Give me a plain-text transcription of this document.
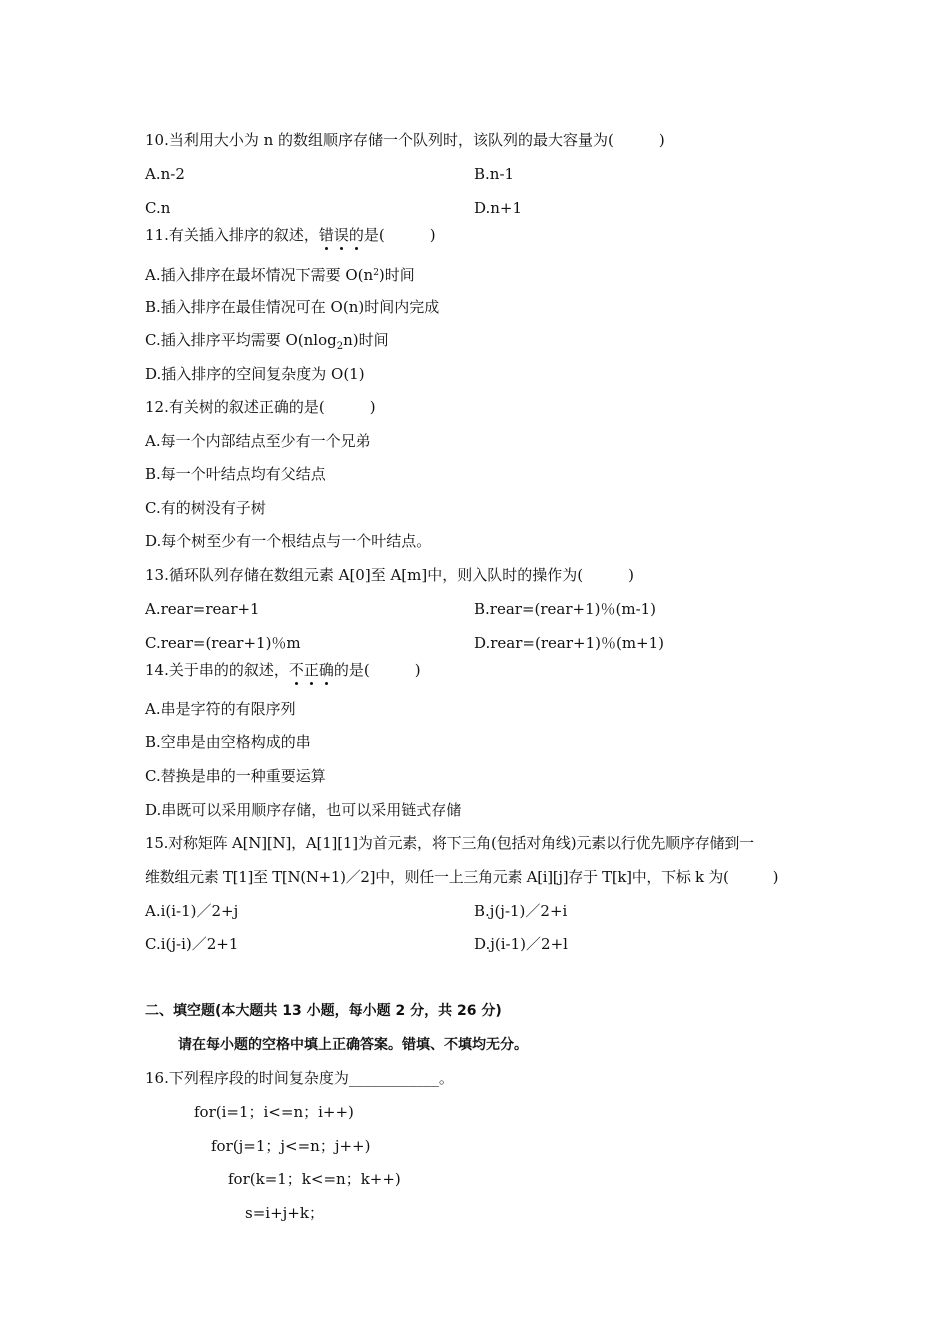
10.当利用大小为 n 的数组顺序存储一个队列时，该队列的最大容量为(　　　)
A.n-2	B.n-1
C.n	D.n+1
11.有关插入排序的叙述，错误的是(　　　)
A.插入排序在最坏情况下需要 $O(n^2)$时间
B.插入排序在最佳情况可在 O(n)时间内完成
C.插入排序平均需要 O(nlog$_2$n)时间
D.插入排序的空间复杂度为 O(1)
12.有关树的叙述正确的是(　　　)
A.每一个内部结点至少有一个兄弟
B.每一个叶结点均有父结点
C.有的树没有子树
D.每个树至少有一个根结点与一个叶结点。
13.循环队列存储在数组元素 A[0]至 A[m]中，则入队时的操作为(　　　)
A.rear=rear+1	B.rear=(rear+1)％(m-1)
C.rear=(rear+1)％m	D.rear=(rear+1)％(m+1)
14.关于串的的叙述，不正确的是(　　　)
A.串是字符的有限序列
B.空串是由空格构成的串
C.替换是串的一种重要运算
D.串既可以采用顺序存储，也可以采用链式存储
15.对称矩阵 A[N][N]，A[1][1]为首元素，将下三角(包括对角线)元素以行优先顺序存储到一
维数组元素 T[1]至 T[N(N+1)／2]中，则任一上三角元素 A[i][j]存于 T[k]中，下标 k 为(　　　)
A.i(i-1)／2+j	B.j(j-1)／2+i
C.i(j-i)／2+1	D.j(i-1)／2+l
二、填空题(本大题共 13 小题，每小题 2 分，共 26 分)
请在每小题的空格中填上正确答案。错填、不填均无分。
16.下列程序段的时间复杂度为____________。
for(i=1；i<=n；i++)
for(j=1；j<=n；j++)
for(k=1；k<=n；k++)
s=i+j+k；
